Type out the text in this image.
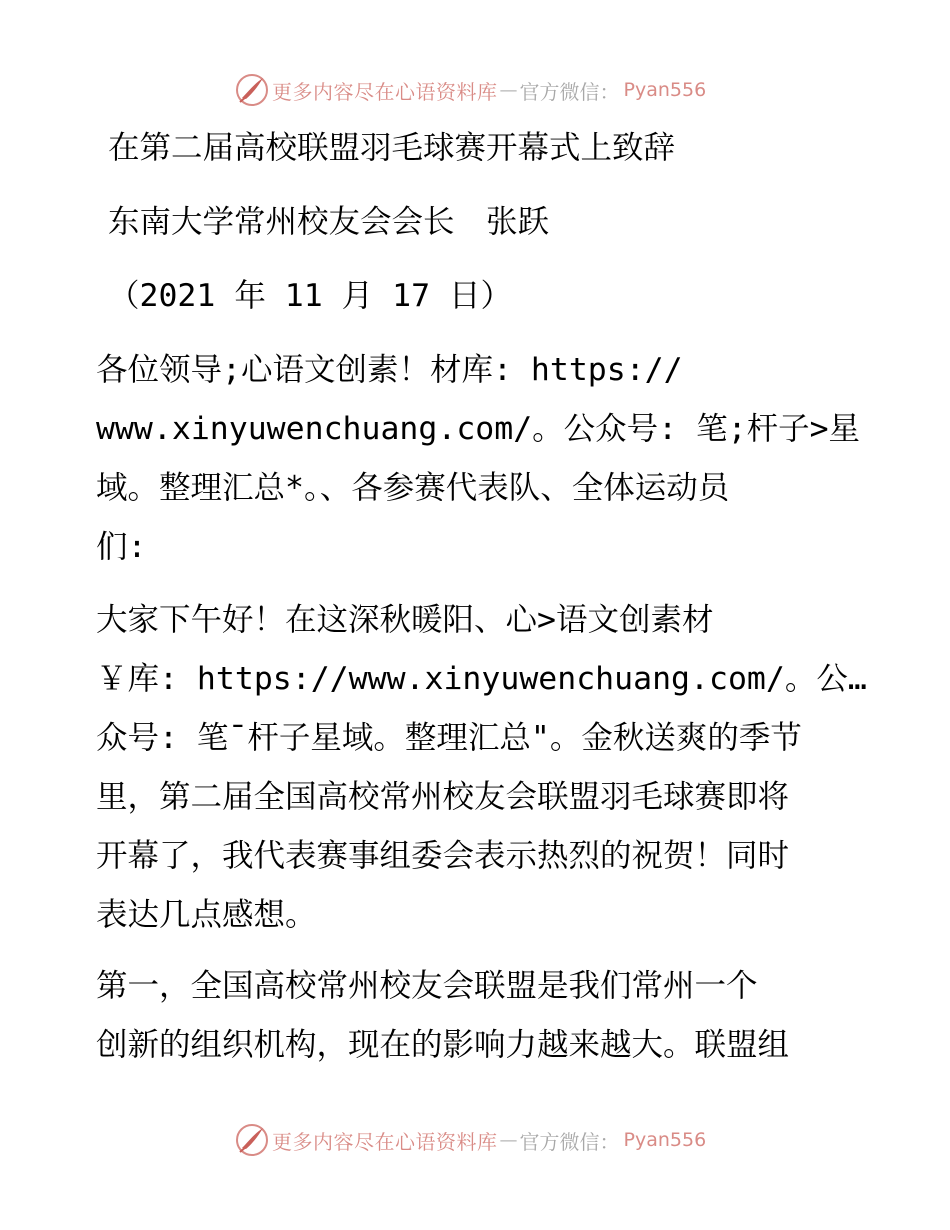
更多内容尽在心语资料库 — 官方微信： Pyan556
在第二届高校联盟羽毛球赛开幕式上致辞
东南大学常州校友会会长　张跃
（2021 年 11 月 17 日）
各位领导;心语文创素！材库: https://
www.xinyuwenchuang.com/。公众号: 笔;杆子>星
域。整理汇总*。、各参赛代表队、全体运动员
们:
大家下午好！在这深秋暖阳、心>语文创素材
￥库: https://www.xinyuwenchuang.com/。公…
众号: 笔¯杆子星域。整理汇总"。金秋送爽的季节
里，第二届全国高校常州校友会联盟羽毛球赛即将
开幕了，我代表赛事组委会表示热烈的祝贺！同时
表达几点感想。
第一，全国高校常州校友会联盟是我们常州一个
创新的组织机构，现在的影响力越来越大。联盟组
更多内容尽在心语资料库 — 官方微信： Pyan556
